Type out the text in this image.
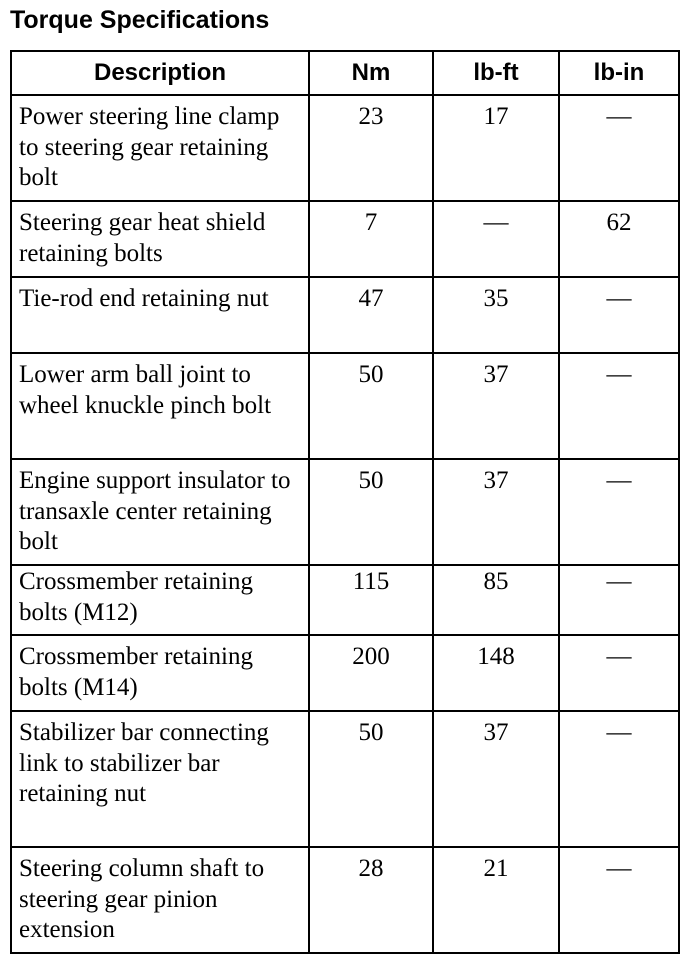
Torque Specifications
Description	Nm	lb-ft	lb-in
Power steering line clamp to steering gear retaining bolt	23	17	—
Steering gear heat shield retaining bolts	7	—	62
Tie-rod end retaining nut	47	35	—
Lower arm ball joint to wheel knuckle pinch bolt	50	37	—
Engine support insulator to transaxle center retaining bolt	50	37	—
Crossmember retaining bolts (M12)	115	85	—
Crossmember retaining bolts (M14)	200	148	—
Stabilizer bar connecting link to stabilizer bar retaining nut	50	37	—
Steering column shaft to steering gear pinion extension	28	21	—
